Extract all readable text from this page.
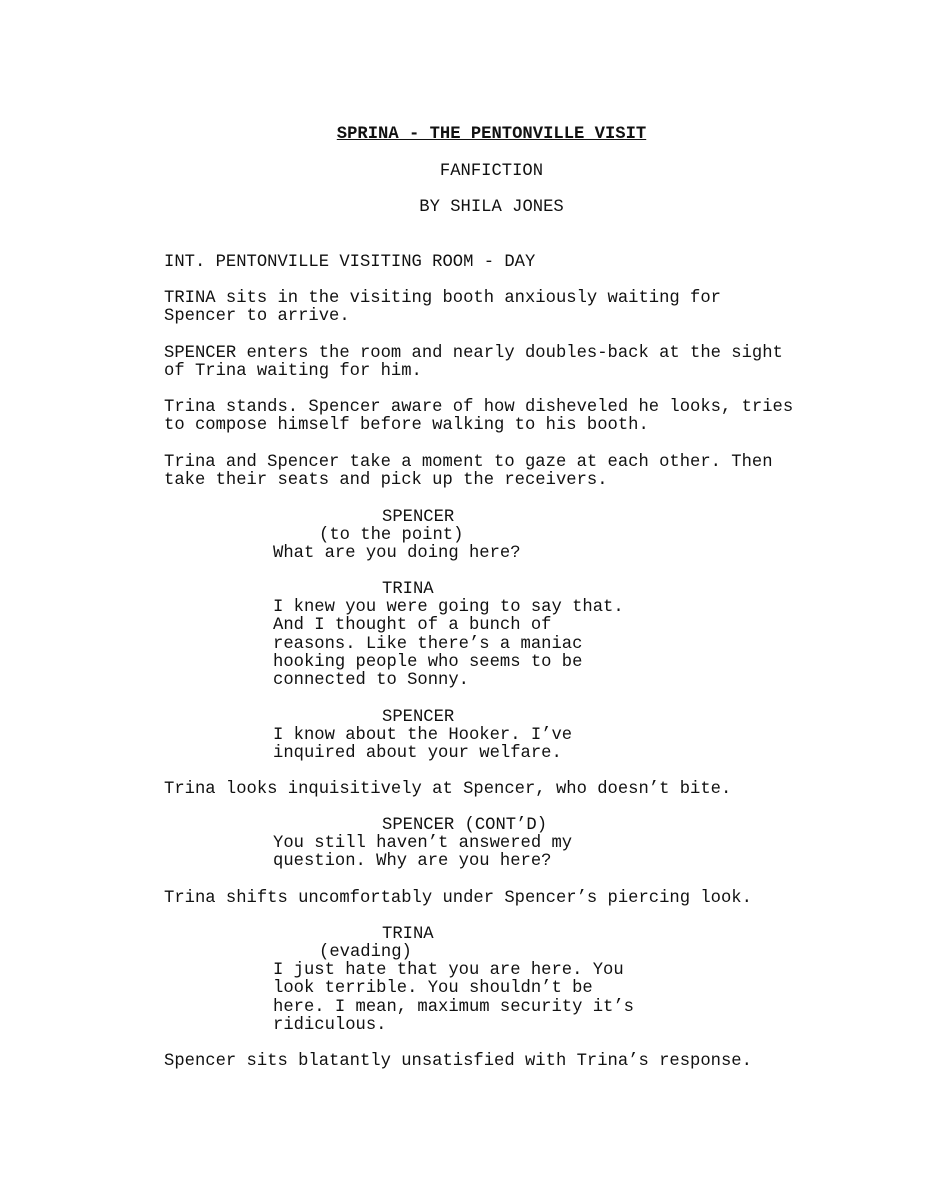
SPRINA - THE PENTONVILLE VISIT
FANFICTION
BY SHILA JONES
INT. PENTONVILLE VISITING ROOM - DAY
TRINA sits in the visiting booth anxiously waiting for
Spencer to arrive.
SPENCER enters the room and nearly doubles-back at the sight
of Trina waiting for him.
Trina stands. Spencer aware of how disheveled he looks, tries
to compose himself before walking to his booth.
Trina and Spencer take a moment to gaze at each other. Then
take their seats and pick up the receivers.
SPENCER
(to the point)
What are you doing here?
TRINA
I knew you were going to say that.
And I thought of a bunch of
reasons. Like there’s a maniac
hooking people who seems to be
connected to Sonny.
SPENCER
I know about the Hooker. I’ve
inquired about your welfare.
Trina looks inquisitively at Spencer, who doesn’t bite.
SPENCER (CONT’D)
You still haven’t answered my
question. Why are you here?
Trina shifts uncomfortably under Spencer’s piercing look.
TRINA
(evading)
I just hate that you are here. You
look terrible. You shouldn’t be
here. I mean, maximum security it’s
ridiculous.
Spencer sits blatantly unsatisfied with Trina’s response.
